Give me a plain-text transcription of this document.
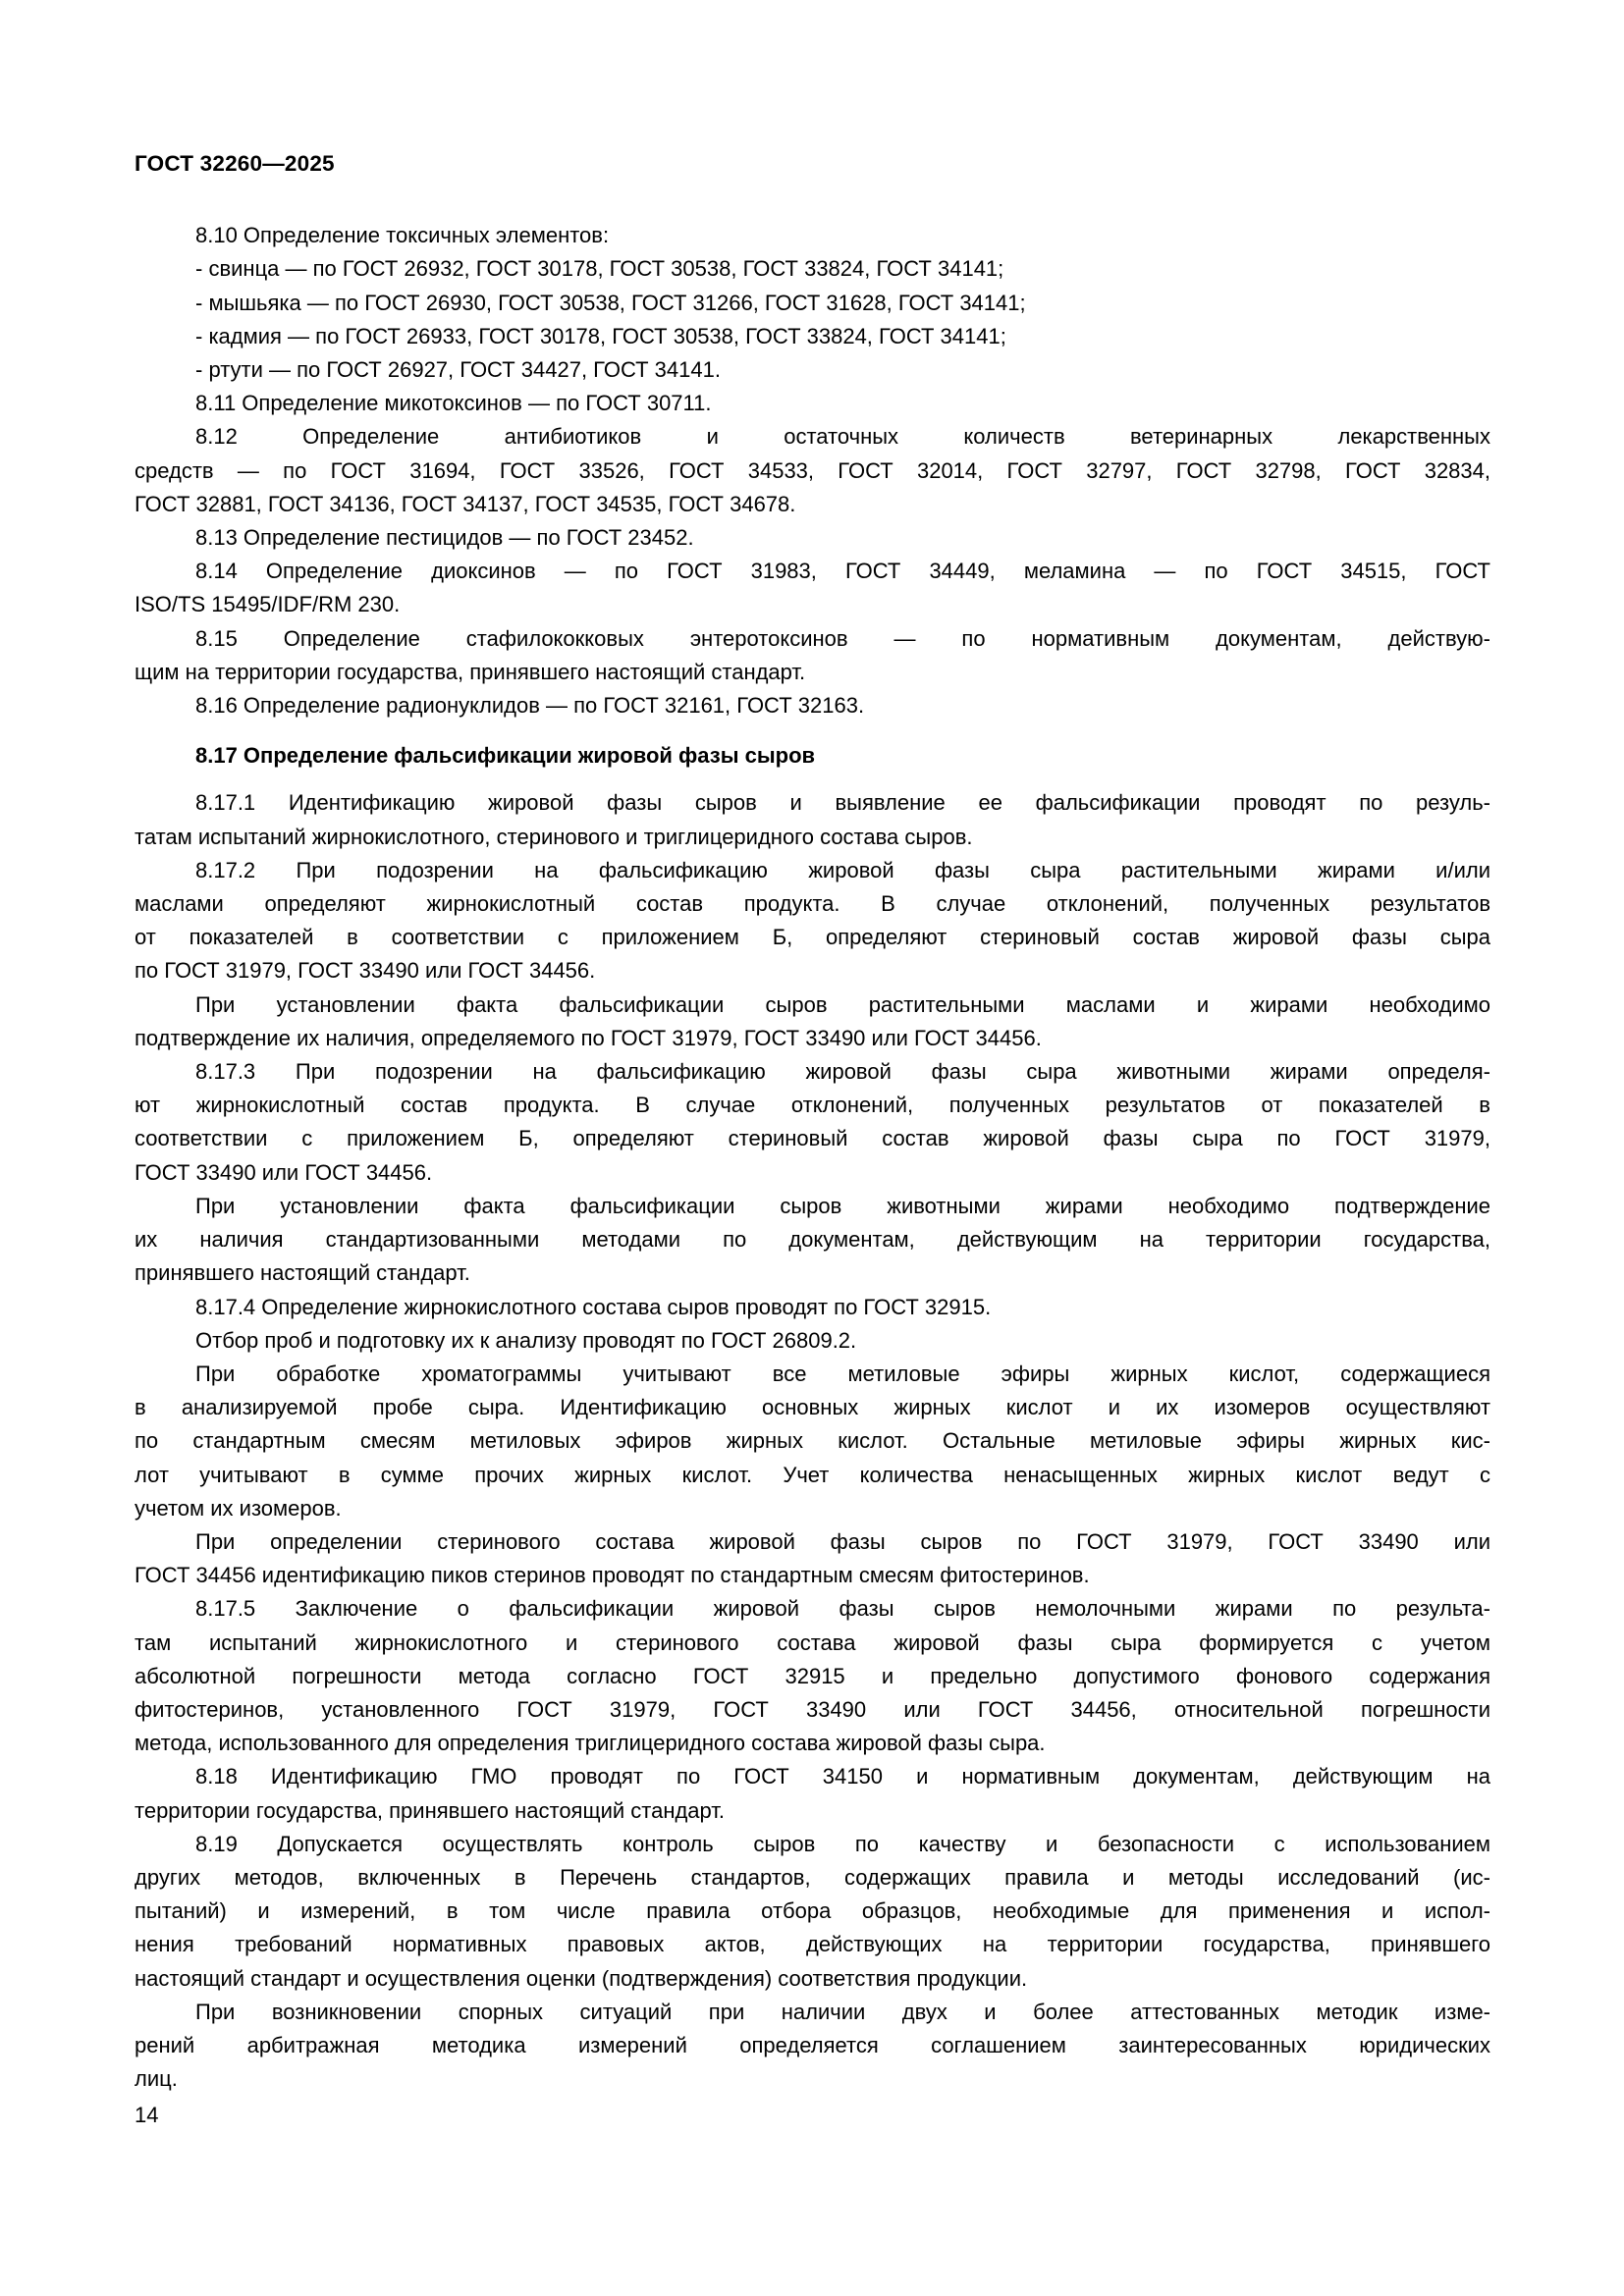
ГОСТ 32260—2025
8.10 Определение токсичных элементов:
- свинца — по ГОСТ 26932, ГОСТ 30178, ГОСТ 30538, ГОСТ 33824, ГОСТ 34141;
- мышьяка — по ГОСТ 26930, ГОСТ 30538, ГОСТ 31266, ГОСТ 31628, ГОСТ 34141;
- кадмия — по ГОСТ 26933, ГОСТ 30178, ГОСТ 30538, ГОСТ 33824, ГОСТ 34141;
- ртути — по ГОСТ 26927, ГОСТ 34427, ГОСТ 34141.
8.11 Определение микотоксинов — по ГОСТ 30711.
8.12 Определение антибиотиков и остаточных количеств ветеринарных лекарственных
средств — по ГОСТ 31694, ГОСТ 33526, ГОСТ 34533, ГОСТ 32014, ГОСТ 32797, ГОСТ 32798, ГОСТ 32834,
ГОСТ 32881, ГОСТ 34136, ГОСТ 34137, ГОСТ 34535, ГОСТ 34678.
8.13 Определение пестицидов — по ГОСТ 23452.
8.14 Определение диоксинов — по ГОСТ 31983, ГОСТ 34449, меламина — по ГОСТ 34515, ГОСТ
ISO/TS 15495/IDF/RM 230.
8.15 Определение стафилококковых энтеротоксинов — по нормативным документам, действую-
щим на территории государства, принявшего настоящий стандарт.
8.16 Определение радионуклидов — по ГОСТ 32161, ГОСТ 32163.
8.17 Определение фальсификации жировой фазы сыров
8.17.1 Идентификацию жировой фазы сыров и выявление ее фальсификации проводят по резуль-
татам испытаний жирнокислотного, стеринового и триглицеридного состава сыров.
8.17.2 При подозрении на фальсификацию жировой фазы сыра растительными жирами и/или
маслами определяют жирнокислотный состав продукта. В случае отклонений, полученных результатов
от показателей в соответствии с приложением Б, определяют стериновый состав жировой фазы сыра
по ГОСТ 31979, ГОСТ 33490 или ГОСТ 34456.
При установлении факта фальсификации сыров растительными маслами и жирами необходимо
подтверждение их наличия, определяемого по ГОСТ 31979, ГОСТ 33490 или ГОСТ 34456.
8.17.3 При подозрении на фальсификацию жировой фазы сыра животными жирами определя-
ют жирнокислотный состав продукта. В случае отклонений, полученных результатов от показателей в
соответствии с приложением Б, определяют стериновый состав жировой фазы сыра по ГОСТ 31979,
ГОСТ 33490 или ГОСТ 34456.
При установлении факта фальсификации сыров животными жирами необходимо подтверждение
их наличия стандартизованными методами по документам, действующим на территории государства,
принявшего настоящий стандарт.
8.17.4 Определение жирнокислотного состава сыров проводят по ГОСТ 32915.
Отбор проб и подготовку их к анализу проводят по ГОСТ 26809.2.
При обработке хроматограммы учитывают все метиловые эфиры жирных кислот, содержащиеся
в анализируемой пробе сыра. Идентификацию основных жирных кислот и их изомеров осуществляют
по стандартным смесям метиловых эфиров жирных кислот. Остальные метиловые эфиры жирных кис-
лот учитывают в сумме прочих жирных кислот. Учет количества ненасыщенных жирных кислот ведут с
учетом их изомеров.
При определении стеринового состава жировой фазы сыров по ГОСТ 31979, ГОСТ 33490 или
ГОСТ 34456 идентификацию пиков стеринов проводят по стандартным смесям фитостеринов.
8.17.5 Заключение о фальсификации жировой фазы сыров немолочными жирами по результа-
там испытаний жирнокислотного и стеринового состава жировой фазы сыра формируется с учетом
абсолютной погрешности метода согласно ГОСТ 32915 и предельно допустимого фонового содержания
фитостеринов, установленного ГОСТ 31979, ГОСТ 33490 или ГОСТ 34456, относительной погрешности
метода, использованного для определения триглицеридного состава жировой фазы сыра.
8.18 Идентификацию ГМО проводят по ГОСТ 34150 и нормативным документам, действующим на
территории государства, принявшего настоящий стандарт.
8.19 Допускается осуществлять контроль сыров по качеству и безопасности с использованием
других методов, включенных в Перечень стандартов, содержащих правила и методы исследований (ис-
пытаний) и измерений, в том числе правила отбора образцов, необходимые для применения и испол-
нения требований нормативных правовых актов, действующих на территории государства, принявшего
настоящий стандарт и осуществления оценки (подтверждения) соответствия продукции.
При возникновении спорных ситуаций при наличии двух и более аттестованных методик изме-
рений арбитражная методика измерений определяется соглашением заинтересованных юридических
лиц.
14
